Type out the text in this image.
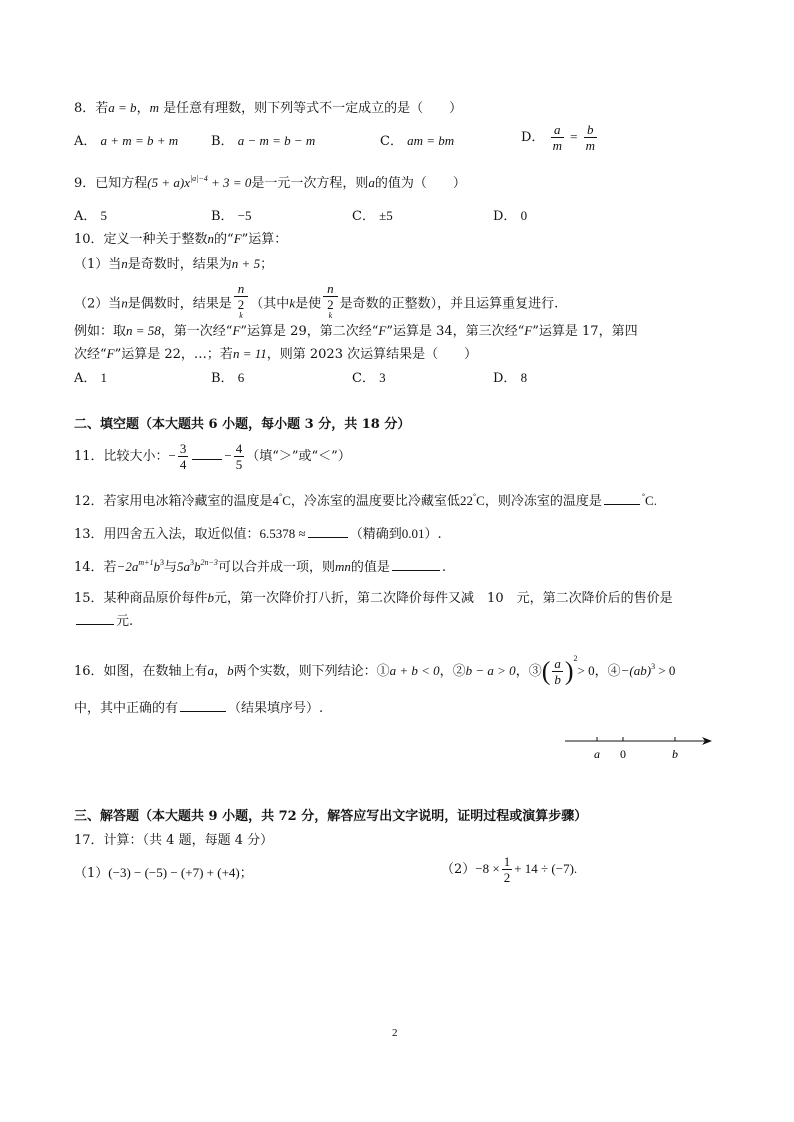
8．若a = b，m 是任意有理数，则下列等式不一定成立的是（　　）
A． a + m = b + m	B． a − m = b − m	C． am = bm	D． $\frac{a}{m} = \frac{b}{m}$
9．已知方程$(5 + a)x^{|a|-4} + 3 = 0$是一元一次方程，则a的值为（　　）
A． 5	B． −5	C． ±5	D． 0
10．定义一种关于整数n的“F”运算：
（1）当n是奇数时，结果为n + 5；
（2）当n是偶数时，结果是 n
2
$^k$ （其中k是使 n
2
$^k$ 是奇数的正整数），并且运算重复进行.
例如：取n = 58，第一次经“F”运算是 29，第二次经“F”运算是 34，第三次经“F”运算是 17，第四
次经“F”运算是 22，…；若n = 11，则第 2023 次运算结果是（　　）
A． 1	B． 6	C． 3	D． 8
二、填空题（本大题共 6 小题，每小题 3 分，共 18 分）
11．比较大小：− $\frac{3}{4}$	− $\frac{4}{5}$ （填“＞”或“＜”）
12．若家用电冰箱冷藏室的温度是4°C，冷冻室的温度要比冷藏室低22°C，则冷冻室的温度是	°C.
13．用四舍五入法，取近似值：6.5378 ≈	（精确到0.01）.
14．若$-2a^{m+1}b^3$与$5a^3b^{2n-3}$可以合并成一项，则mn的值是	.
15．某种商品原价每件b元，第一次降价打八折，第二次降价每件又减　10　元，第二次降价后的售价是
元.
16．如图，在数轴上有a，b两个实数，则下列结论：①a + b < 0，②b − a > 0，③( $\frac{a}{b} )^2> 0$，④−(ab)$^3$ > 0
中，其中正确的有	（结果填序号）.
a 0	b
三、解答题（本大题共 9 小题，共 72 分，解答应写出文字说明，证明过程或演算步骤）
17．计算：（共 4 题，每题 4 分）
（1）(−3) − (−5) − (+7) + (+4)；	$(2)-8 \times \frac{1}{2} + 14 \div (-7)$.
2
